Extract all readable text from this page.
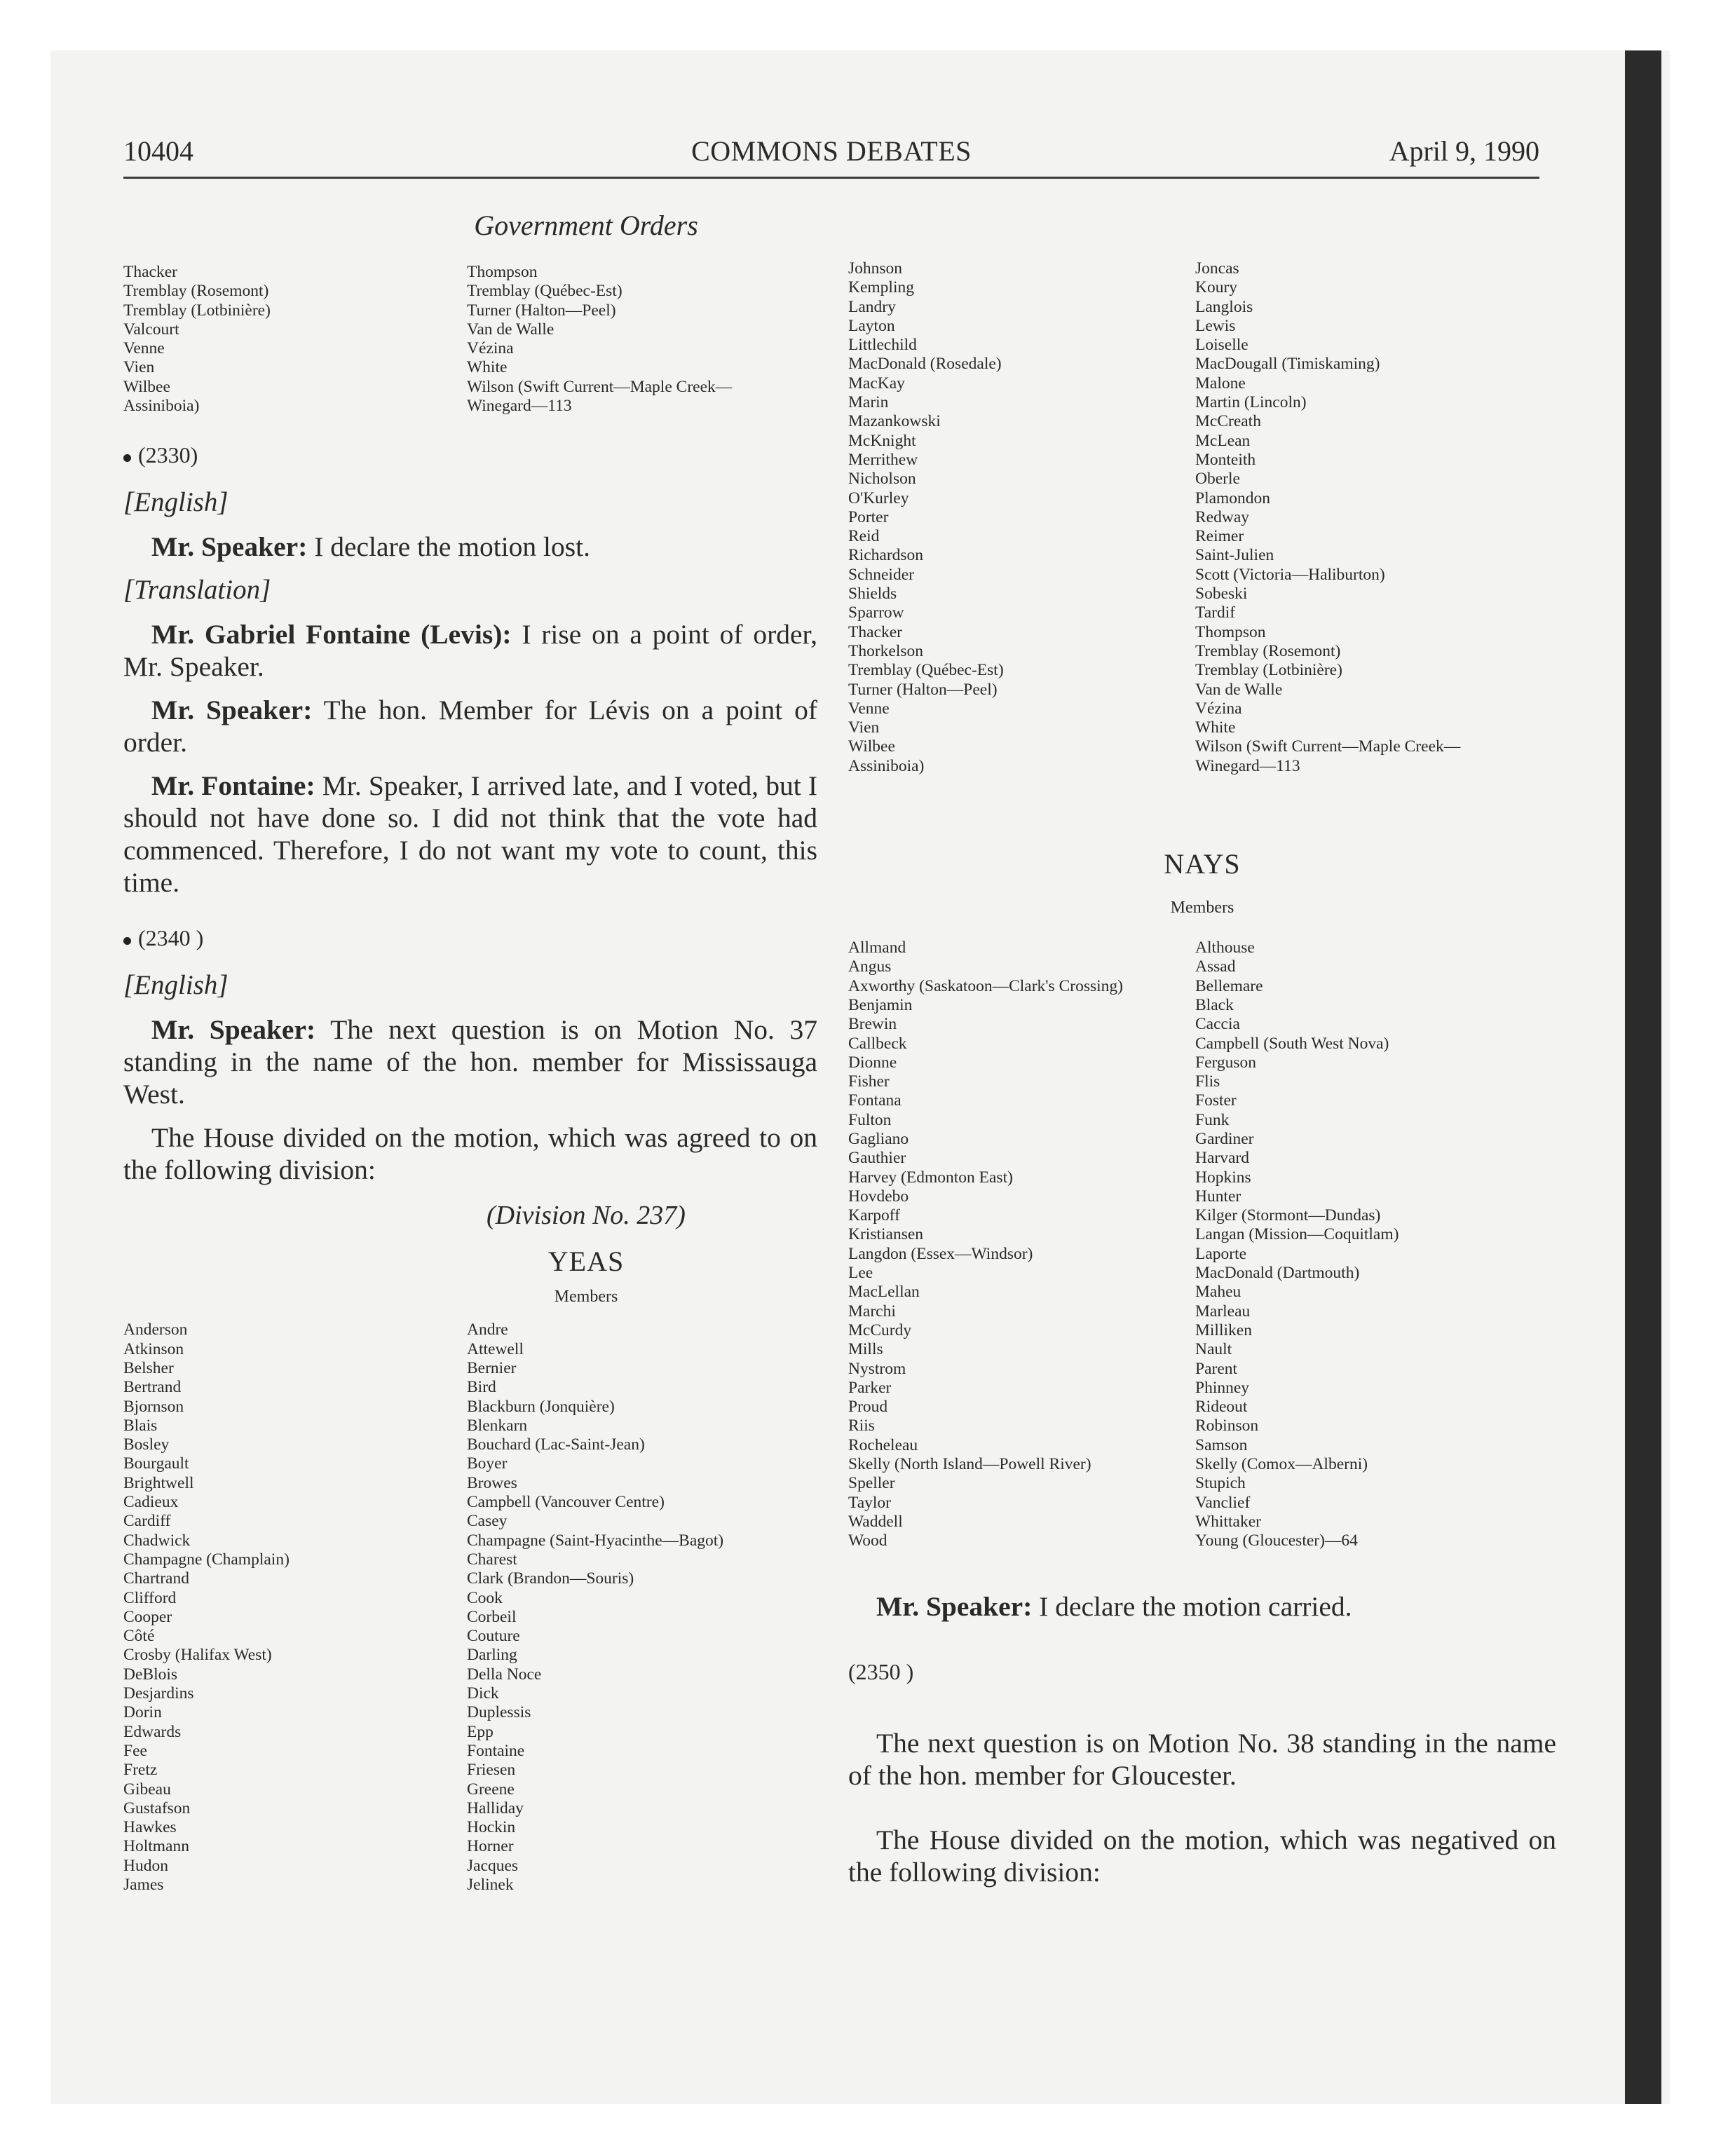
10404	COMMONS DEBATES	April 9, 1990
Government Orders
Thacker
Tremblay (Rosemont)
Tremblay (Lotbinière)
Valcourt
Venne
Vien
Wilbee
Assiniboia)
Thompson
Tremblay (Québec-Est)
Turner (Halton—Peel)
Van de Walle
Vézina
White
Wilson (Swift Current—Maple Creek—
Winegard—113
(2330)
[English]

Mr. Speaker: I declare the motion lost.

[Translation]

Mr. Gabriel Fontaine (Levis): I rise on a point of order, Mr. Speaker.

Mr. Speaker: The hon. Member for Lévis on a point of order.

Mr. Fontaine: Mr. Speaker, I arrived late, and I voted, but I should not have done so. I did not think that the vote had commenced. Therefore, I do not want my vote to count, this time.

(2340 )
[English]

Mr. Speaker: The next question is on Motion No. 37 standing in the name of the hon. member for Mississauga West.

The House divided on the motion, which was agreed to on the following division:

(Division No. 237)
YEAS
Members
Anderson
Atkinson
Belsher
Bertrand
Bjornson
Blais
Bosley
Bourgault
Brightwell
Cadieux
Cardiff
Chadwick
Champagne (Champlain)
Chartrand
Clifford
Cooper
Côté
Crosby (Halifax West)
DeBlois
Desjardins
Dorin
Edwards
Fee
Fretz
Gibeau
Gustafson
Hawkes
Holtmann
Hudon
James
Andre
Attewell
Bernier
Bird
Blackburn (Jonquière)
Blenkarn
Bouchard (Lac-Saint-Jean)
Boyer
Browes
Campbell (Vancouver Centre)
Casey
Champagne (Saint-Hyacinthe—Bagot)
Charest
Clark (Brandon—Souris)
Cook
Corbeil
Couture
Darling
Della Noce
Dick
Duplessis
Epp
Fontaine
Friesen
Greene
Halliday
Hockin
Horner
Jacques
Jelinek
Johnson
Kempling
Landry
Layton
Littlechild
MacDonald (Rosedale)
MacKay
Marin
Mazankowski
McKnight
Merrithew
Nicholson
O'Kurley
Porter
Reid
Richardson
Schneider
Shields
Sparrow
Thacker
Thorkelson
Tremblay (Québec-Est)
Turner (Halton—Peel)
Venne
Vien
Wilbee
Assiniboia)
Joncas
Koury
Langlois
Lewis
Loiselle
MacDougall (Timiskaming)
Malone
Martin (Lincoln)
McCreath
McLean
Monteith
Oberle
Plamondon
Redway
Reimer
Saint-Julien
Scott (Victoria—Haliburton)
Sobeski
Tardif
Thompson
Tremblay (Rosemont)
Tremblay (Lotbinière)
Van de Walle
Vézina
White
Wilson (Swift Current—Maple Creek—
Winegard—113
NAYS
Members
Allmand
Angus
Axworthy (Saskatoon—Clark's Crossing)
Benjamin
Brewin
Callbeck
Dionne
Fisher
Fontana
Fulton
Gagliano
Gauthier
Harvey (Edmonton East)
Hovdebo
Karpoff
Kristiansen
Langdon (Essex—Windsor)
Lee
MacLellan
Marchi
McCurdy
Mills
Nystrom
Parker
Proud
Riis
Rocheleau
Skelly (North Island—Powell River)
Speller
Taylor
Waddell
Wood
Althouse
Assad
Bellemare
Black
Caccia
Campbell (South West Nova)
Ferguson
Flis
Foster
Funk
Gardiner
Harvard
Hopkins
Hunter
Kilger (Stormont—Dundas)
Langan (Mission—Coquitlam)
Laporte
MacDonald (Dartmouth)
Maheu
Marleau
Milliken
Nault
Parent
Phinney
Rideout
Robinson
Samson
Skelly (Comox—Alberni)
Stupich
Vanclief
Whittaker
Young (Gloucester)—64

Mr. Speaker: I declare the motion carried.

(2350 )

The next question is on Motion No. 38 standing in the name of the hon. member for Gloucester.

The House divided on the motion, which was negatived on the following division:
